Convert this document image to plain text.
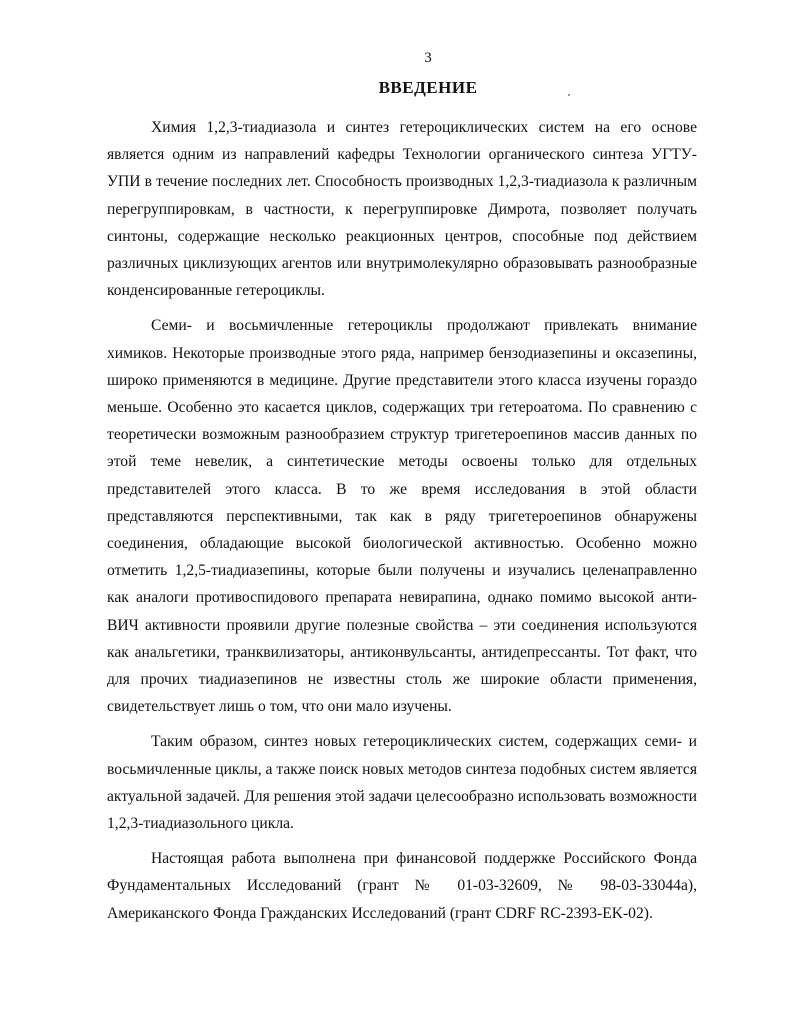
3
ВВЕДЕНИЕ

Химия 1,2,3-тиадиазола и синтез гетероциклических систем на его основе является одним из направлений кафедры Технологии органического синтеза УГТУ-УПИ в течение последних лет. Способность производных 1,2,3-тиадиазола к различным перегруппировкам, в частности, к перегруппировке Димрота, позволяет получать синтоны, содержащие несколько реакционных центров, способные под действием различных циклизующих агентов или внутримолекулярно образовывать разнообразные конденсированные гетероциклы.

Семи- и восьмичленные гетероциклы продолжают привлекать внимание химиков. Некоторые производные этого ряда, например бензодиазепины и оксазепины, широко применяются в медицине. Другие представители этого класса изучены гораздо меньше. Особенно это касается циклов, содержащих три гетероатома. По сравнению с теоретически возможным разнообразием структур тригетероепинов массив данных по этой теме невелик, а синтетические методы освоены только для отдельных представителей этого класса. В то же время исследования в этой области представляются перспективными, так как в ряду тригетероепинов обнаружены соединения, обладающие высокой биологической активностью. Особенно можно отметить 1,2,5-тиадиазепины, которые были получены и изучались целенаправленно как аналоги противоспидового препарата невирапина, однако помимо высокой анти-ВИЧ активности проявили другие полезные свойства – эти соединения используются как анальгетики, транквилизаторы, антиконвульсанты, антидепрессанты. Тот факт, что для прочих тиадиазепинов не известны столь же широкие области применения, свидетельствует лишь о том, что они мало изучены.

Таким образом, синтез новых гетероциклических систем, содержащих семи- и восьмичленные циклы, а также поиск новых методов синтеза подобных систем является актуальной задачей. Для решения этой задачи целесообразно использовать возможности 1,2,3-тиадиазольного цикла.

Настоящая работа выполнена при финансовой поддержке Российского Фонда Фундаментальных Исследований (грант № 01-03-32609, № 98-03-33044а), Американского Фонда Гражданских Исследований (грант CDRF RC-2393-EK-02).
